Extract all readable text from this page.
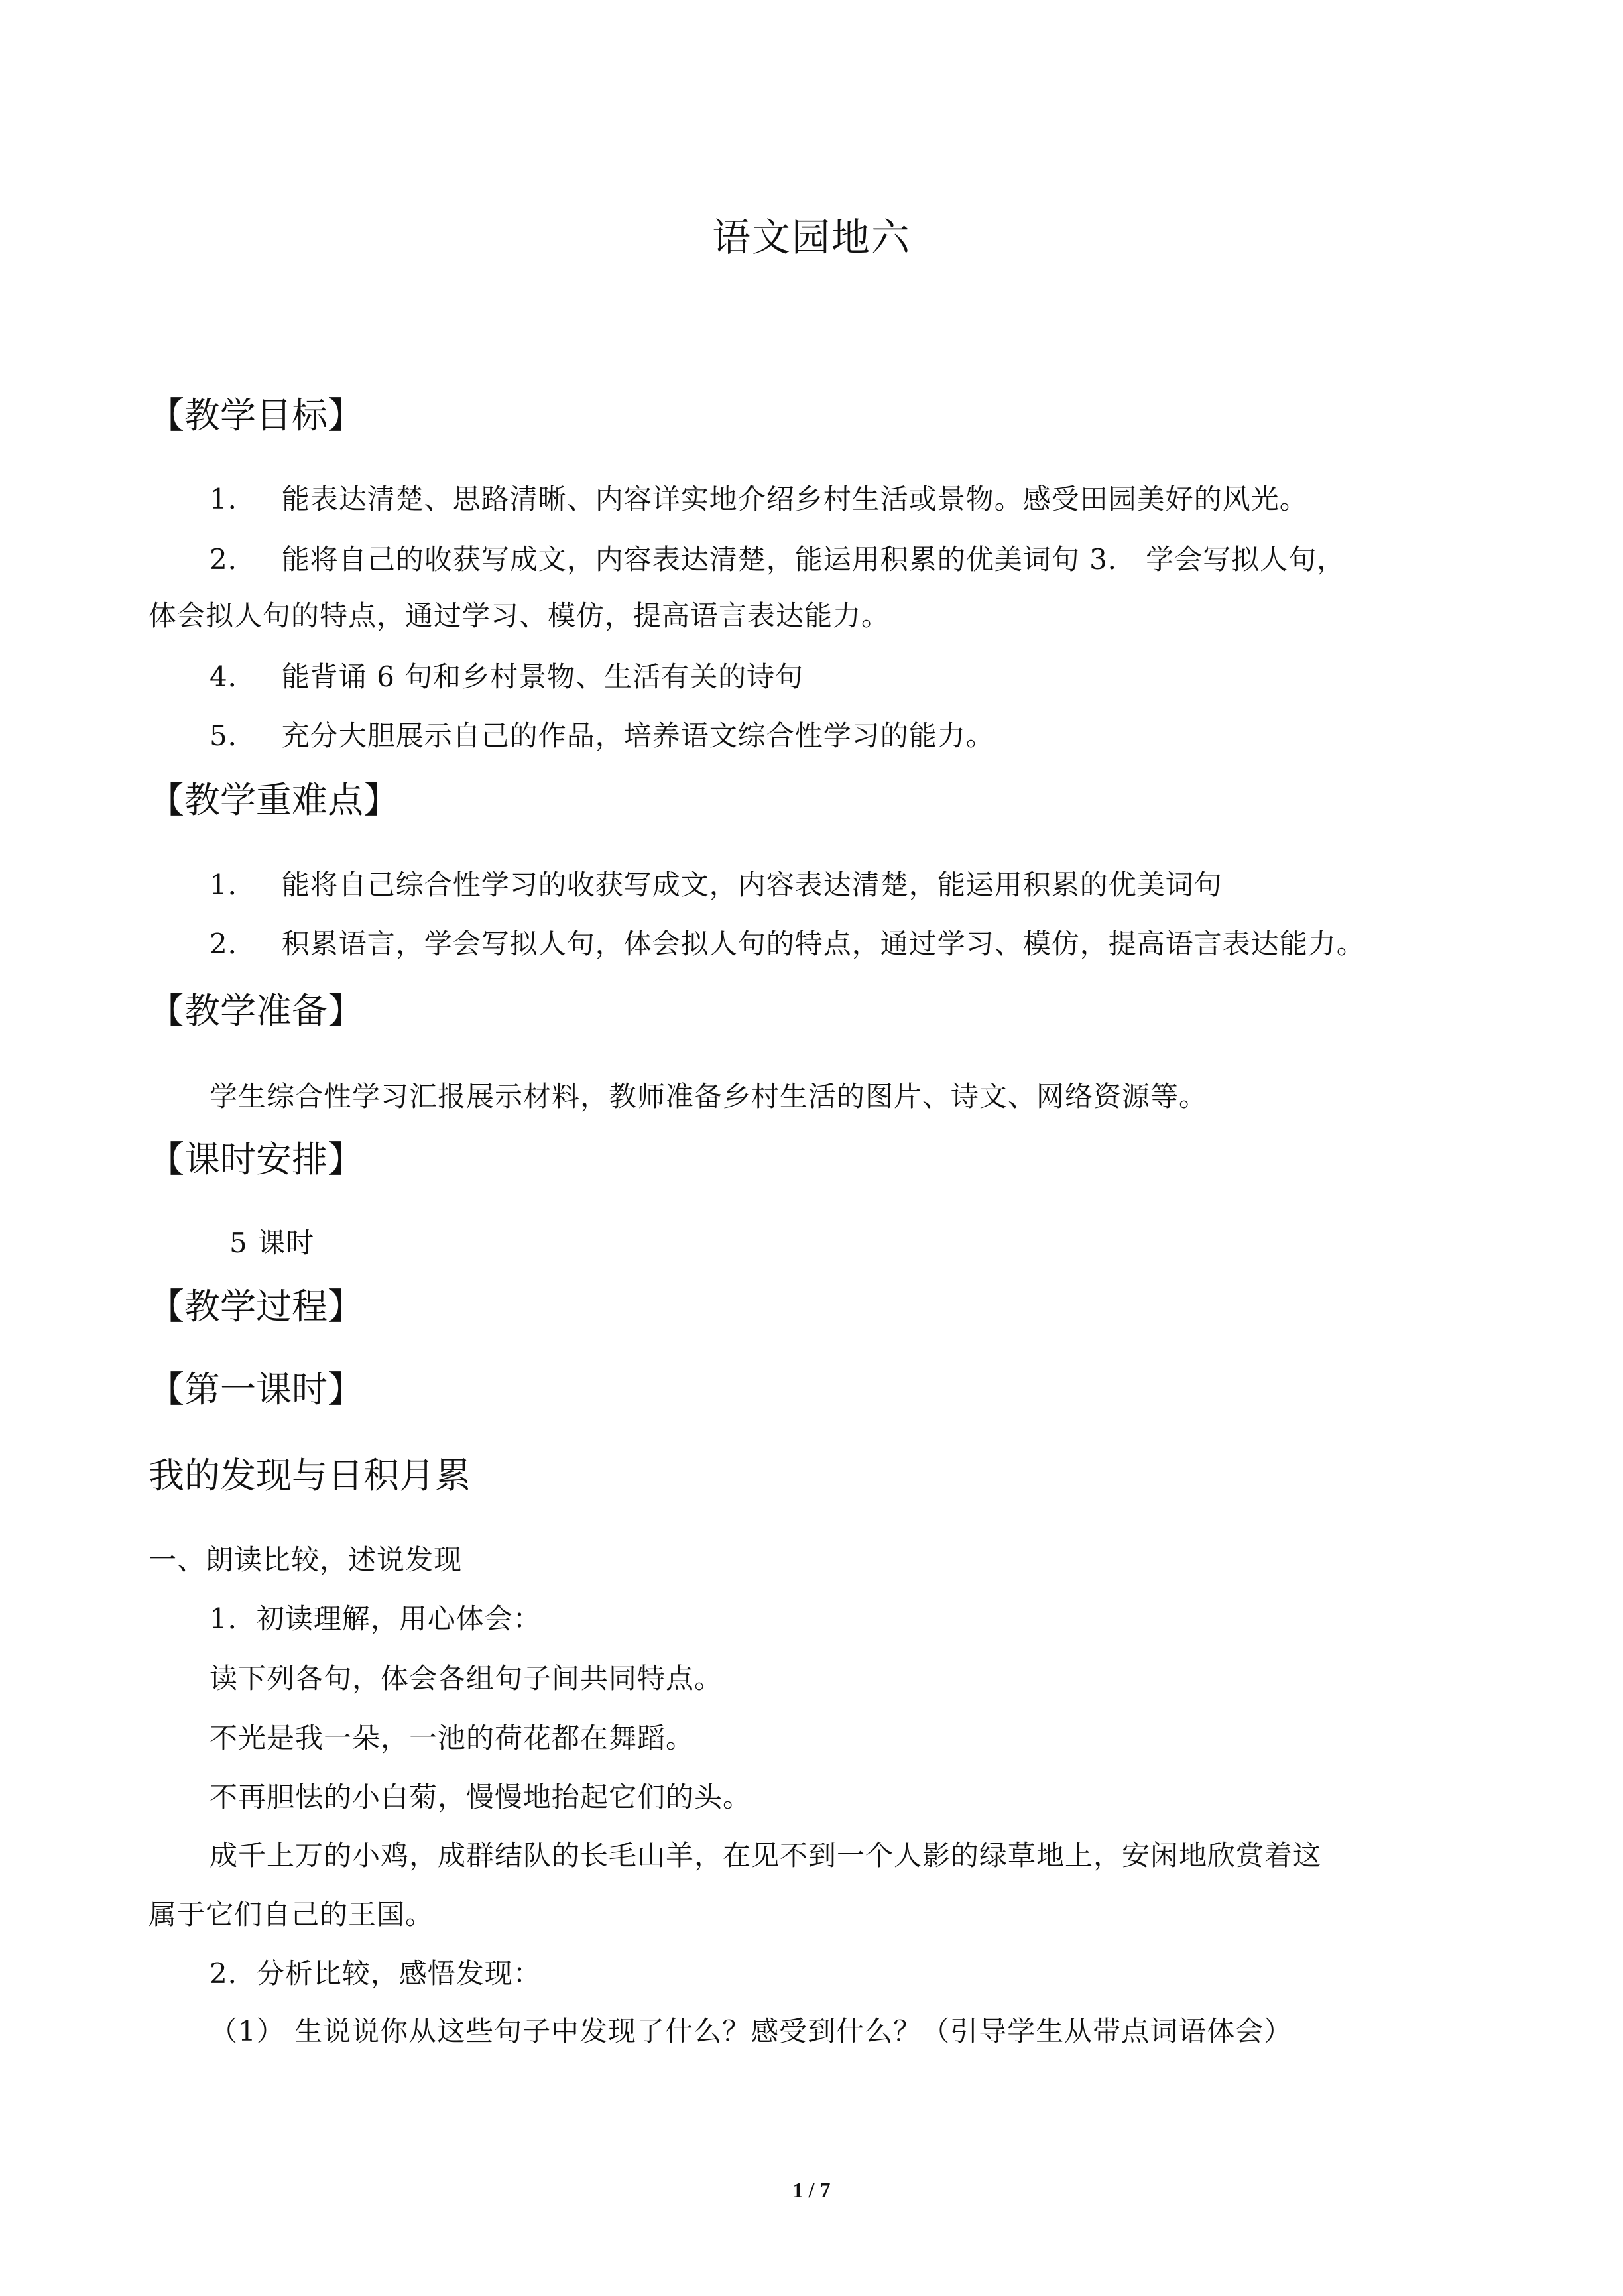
语文园地六
【教学目标】
1． 能表达清楚、思路清晰、内容详实地介绍乡村生活或景物。感受田园美好的风光。
2． 能将自己的收获写成文，内容表达清楚，能运用积累的优美词句 3． 学会写拟人句，
体会拟人句的特点，通过学习、模仿，提高语言表达能力。
4． 能背诵 6 句和乡村景物、生活有关的诗句
5． 充分大胆展示自己的作品，培养语文综合性学习的能力。
【教学重难点】
1． 能将自己综合性学习的收获写成文，内容表达清楚，能运用积累的优美词句
2． 积累语言，学会写拟人句，体会拟人句的特点，通过学习、模仿，提高语言表达能力。
【教学准备】
学生综合性学习汇报展示材料，教师准备乡村生活的图片、诗文、网络资源等。
【课时安排】
5 课时
【教学过程】
【第一课时】
我的发现与日积月累
一、朗读比较，述说发现
1．初读理解，用心体会：
读下列各句，体会各组句子间共同特点。
不光是我一朵，一池的荷花都在舞蹈。
不再胆怯的小白菊，慢慢地抬起它们的头。
成千上万的小鸡，成群结队的长毛山羊，在见不到一个人影的绿草地上，安闲地欣赏着这
属于它们自己的王国。
2．分析比较，感悟发现：
（1） 生说说你从这些句子中发现了什么？感受到什么？（引导学生从带点词语体会）
1 / 7
